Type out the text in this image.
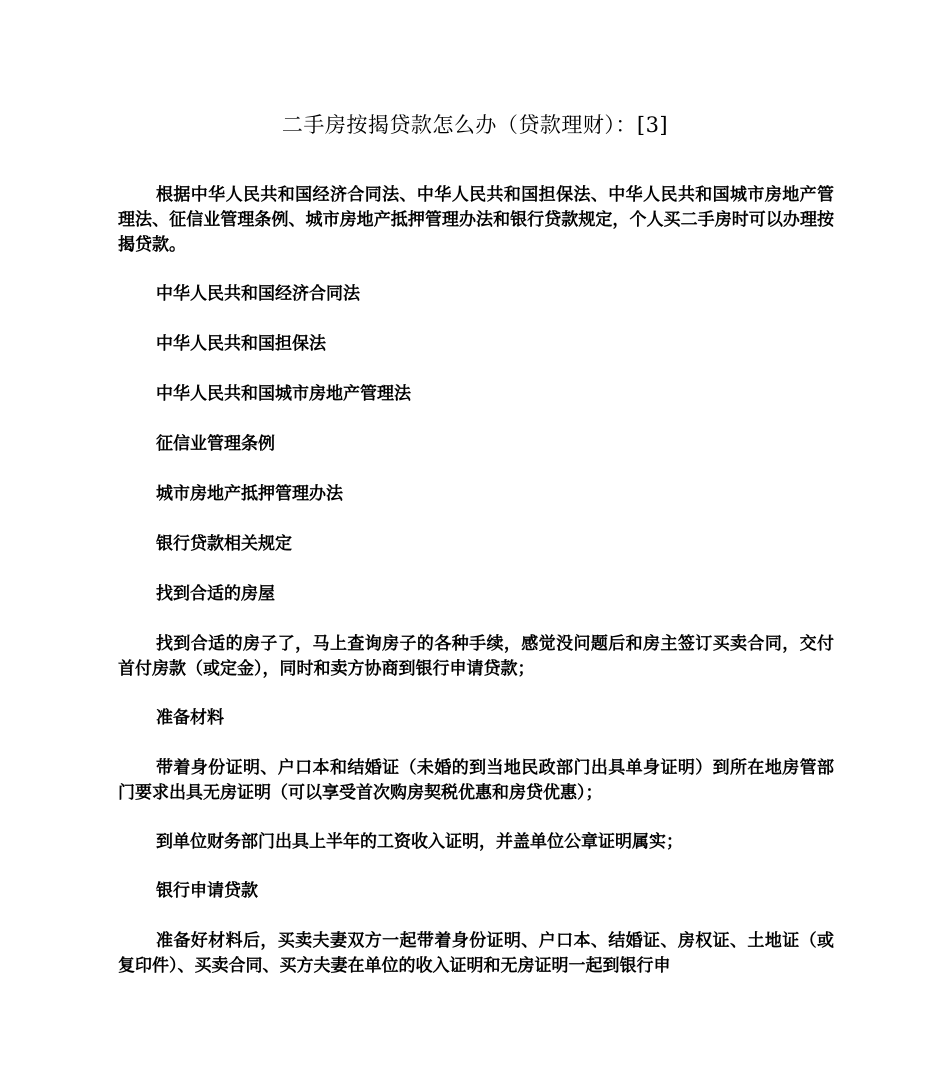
二手房按揭贷款怎么办（贷款理财）：[3]

根据中华人民共和国经济合同法、中华人民共和国担保法、中华人民共和国城市房地产管理法、征信业管理条例、城市房地产抵押管理办法和银行贷款规定，个人买二手房时可以办理按揭贷款。

中华人民共和国经济合同法

中华人民共和国担保法

中华人民共和国城市房地产管理法

征信业管理条例

城市房地产抵押管理办法

银行贷款相关规定

找到合适的房屋

找到合适的房子了，马上查询房子的各种手续，感觉没问题后和房主签订买卖合同，交付首付房款（或定金），同时和卖方协商到银行申请贷款；

准备材料

带着身份证明、户口本和结婚证（未婚的到当地民政部门出具单身证明）到所在地房管部门要求出具无房证明（可以享受首次购房契税优惠和房贷优惠）；

到单位财务部门出具上半年的工资收入证明，并盖单位公章证明属实；

银行申请贷款

准备好材料后，买卖夫妻双方一起带着身份证明、户口本、结婚证、房权证、土地证（或复印件）、买卖合同、买方夫妻在单位的收入证明和无房证明一起到银行申
